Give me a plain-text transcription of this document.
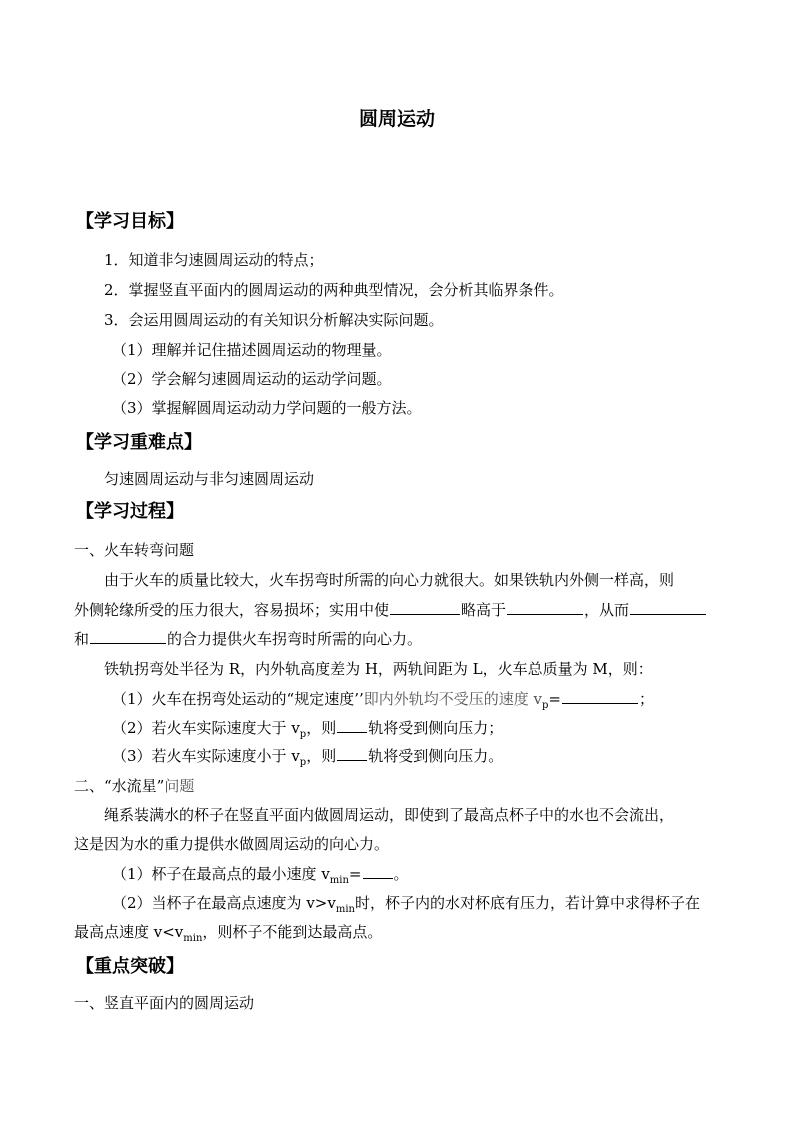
圆周运动
【学习目标】
1．知道非匀速圆周运动的特点；
2．掌握竖直平面内的圆周运动的两种典型情况，会分析其临界条件。
3．会运用圆周运动的有关知识分析解决实际问题。
（1）理解并记住描述圆周运动的物理量。
（2）学会解匀速圆周运动的运动学问题。
（3）掌握解圆周运动动力学问题的一般方法。
【学习重难点】
匀速圆周运动与非匀速圆周运动
【学习过程】
一、火车转弯问题
由于火车的质量比较大，火车拐弯时所需的向心力就很大。如果铁轨内外侧一样高，则
外侧轮缘所受的压力很大，容易损坏；实用中使	略高于	，从而
和	的合力提供火车拐弯时所需的向心力。
铁轨拐弯处半径为 R，内外轨高度差为 H，两轨间距为 L，火车总质量为 M，则：
（1）火车在拐弯处运动的“规定速度’’即内外轨均不受压的速度 $v_p=$	；
（2）若火车实际速度大于 $v_p$，则 轨将受到侧向压力；
（3）若火车实际速度小于 $v_p$，则 轨将受到侧向压力。
二、“水流星”问题
绳系装满水的杯子在竖直平面内做圆周运动，即使到了最高点杯子中的水也不会流出，
这是因为水的重力提供水做圆周运动的向心力。
（1）杯子在最高点的最小速度 $v_{min}=$ 。
（2）当杯子在最高点速度为 $v>v_{min}$时，杯子内的水对杯底有压力，若计算中求得杯子在
最高点速度 $v<v_{min}$，则杯子不能到达最高点。
【重点突破】
一、竖直平面内的圆周运动
